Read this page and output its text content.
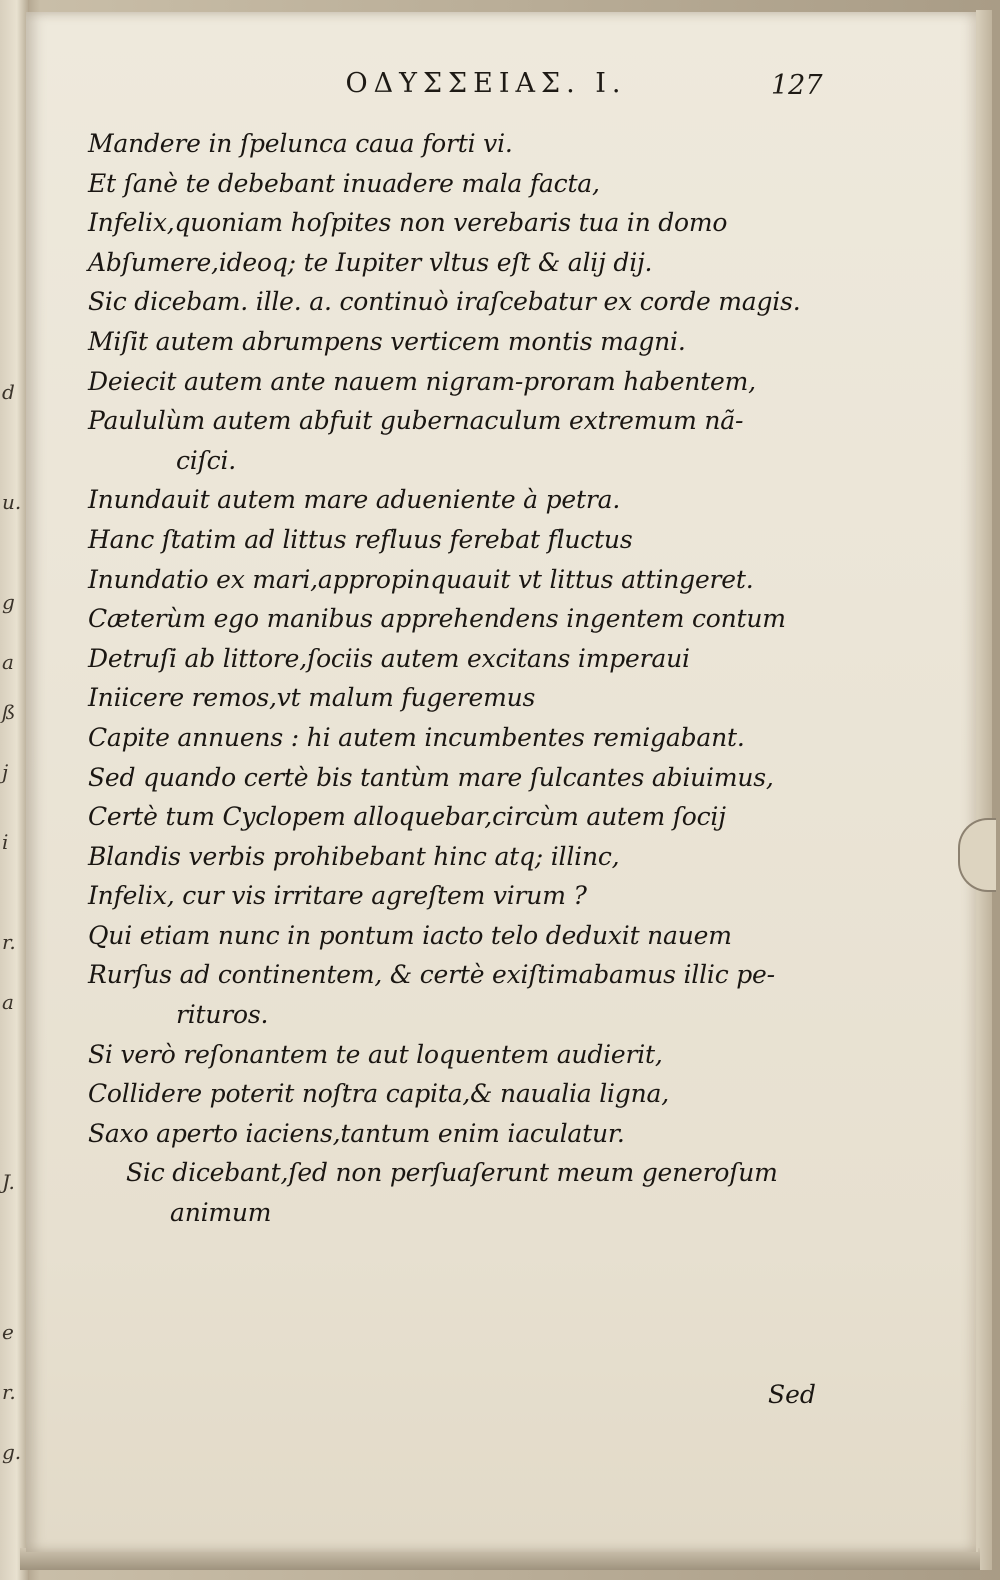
d
u.
g
a
ß
j
i
r.
a
J.
e
r.
g.
ΟΔΥΣΣΕΙΑΣ. Ι.	127
Mandere in ſpelunca caua forti vi.
Et ſanè te debebant inuadere mala facta,
Infelix,quoniam hoſpites non verebaris tua in domo
Abſumere,ideoq; te Iupiter vltus eſt & alij dij.
Sic dicebam. ille. a. continuò iraſcebatur ex corde magis.
Miſit autem abrumpens verticem montis magni.
Deiecit autem ante nauem nigram-proram habentem,
Paululùm autem abfuit gubernaculum extremum nã-
ciſci.
Inundauit autem mare adueniente à petra.
Hanc ſtatim ad littus refluus ferebat fluctus
Inundatio ex mari,appropinquauit vt littus attingeret.
Cæterùm ego manibus apprehendens ingentem contum
Detruſi ab littore,ſociis autem excitans imperaui
Iniicere remos,vt malum fugeremus
Capite annuens : hi autem incumbentes remigabant.
Sed quando certè bis tantùm mare ſulcantes abiuimus,
Certè tum Cyclopem alloquebar,circùm autem ſocij
Blandis verbis prohibebant hinc atq; illinc,
Infelix, cur vis irritare agreſtem virum ?
Qui etiam nunc in pontum iacto telo deduxit nauem
Rurſus ad continentem, & certè exiſtimabamus illic pe-
rituros.
Si verò reſonantem te aut loquentem audierit,
Collidere poterit noſtra capita,& naualia ligna,
Saxo aperto iaciens,tantum enim iaculatur.
Sic dicebant,ſed non perſuaſerunt meum generoſum
animum
Sed
